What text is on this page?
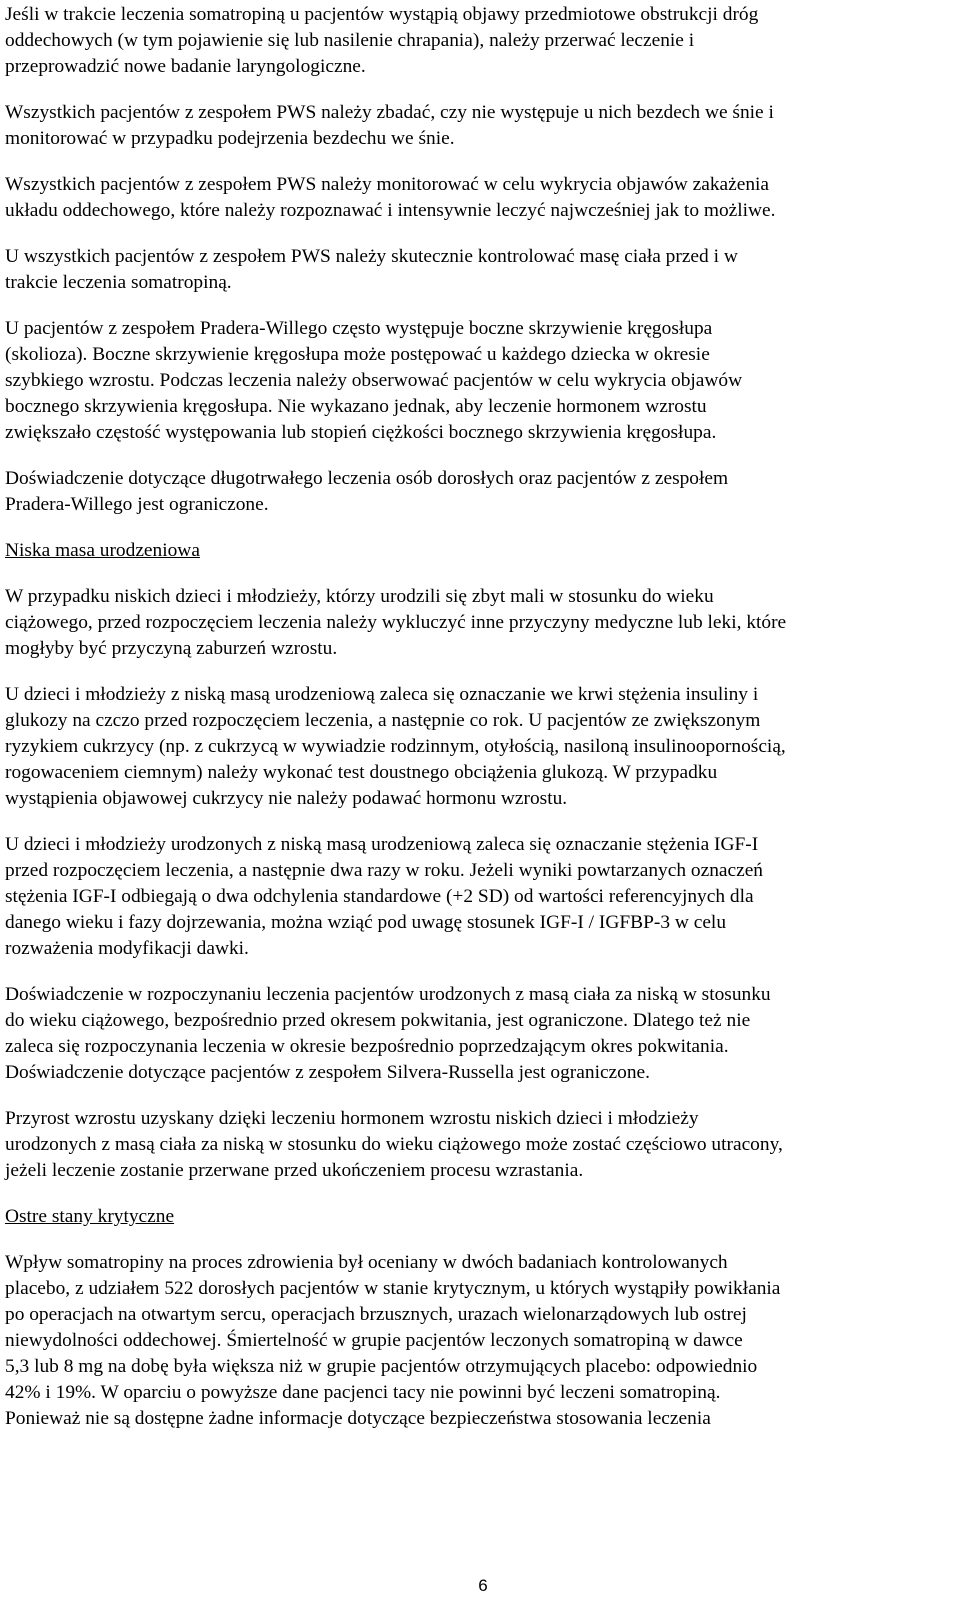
Jeśli w trakcie leczenia somatropiną u pacjentów wystąpią objawy przedmiotowe obstrukcji dróg
oddechowych (w tym pojawienie się lub nasilenie chrapania), należy przerwać leczenie i
przeprowadzić nowe badanie laryngologiczne.

Wszystkich pacjentów z zespołem PWS należy zbadać, czy nie występuje u nich bezdech we śnie i
monitorować w przypadku podejrzenia bezdechu we śnie.

Wszystkich pacjentów z zespołem PWS należy monitorować w celu wykrycia objawów zakażenia
układu oddechowego, które należy rozpoznawać i intensywnie leczyć najwcześniej jak to możliwe.

U wszystkich pacjentów z zespołem PWS należy skutecznie kontrolować masę ciała przed i w
trakcie leczenia somatropiną.

U pacjentów z zespołem Pradera-Willego często występuje boczne skrzywienie kręgosłupa
(skolioza). Boczne skrzywienie kręgosłupa może postępować u każdego dziecka w okresie
szybkiego wzrostu. Podczas leczenia należy obserwować pacjentów w celu wykrycia objawów
bocznego skrzywienia kręgosłupa. Nie wykazano jednak, aby leczenie hormonem wzrostu
zwiększało częstość występowania lub stopień ciężkości bocznego skrzywienia kręgosłupa.

Doświadczenie dotyczące długotrwałego leczenia osób dorosłych oraz pacjentów z zespołem
Pradera-Willego jest ograniczone.

Niska masa urodzeniowa

W przypadku niskich dzieci i młodzieży, którzy urodzili się zbyt mali w stosunku do wieku
ciążowego, przed rozpoczęciem leczenia należy wykluczyć inne przyczyny medyczne lub leki, które
mogłyby być przyczyną zaburzeń wzrostu.

U dzieci i młodzieży z niską masą urodzeniową zaleca się oznaczanie we krwi stężenia insuliny i
glukozy na czczo przed rozpoczęciem leczenia, a następnie co rok. U pacjentów ze zwiększonym
ryzykiem cukrzycy (np. z cukrzycą w wywiadzie rodzinnym, otyłością, nasiloną insulinoopornością,
rogowaceniem ciemnym) należy wykonać test doustnego obciążenia glukozą. W przypadku
wystąpienia objawowej cukrzycy nie należy podawać hormonu wzrostu.

U dzieci i młodzieży urodzonych z niską masą urodzeniową zaleca się oznaczanie stężenia IGF-I
przed rozpoczęciem leczenia, a następnie dwa razy w roku. Jeżeli wyniki powtarzanych oznaczeń
stężenia IGF-I odbiegają o dwa odchylenia standardowe (+2 SD) od wartości referencyjnych dla
danego wieku i fazy dojrzewania, można wziąć pod uwagę stosunek IGF-I / IGFBP-3 w celu
rozważenia modyfikacji dawki.

Doświadczenie w rozpoczynaniu leczenia pacjentów urodzonych z masą ciała za niską w stosunku
do wieku ciążowego, bezpośrednio przed okresem pokwitania, jest ograniczone. Dlatego też nie
zaleca się rozpoczynania leczenia w okresie bezpośrednio poprzedzającym okres pokwitania.
Doświadczenie dotyczące pacjentów z zespołem Silvera-Russella jest ograniczone.

Przyrost wzrostu uzyskany dzięki leczeniu hormonem wzrostu niskich dzieci i młodzieży
urodzonych z masą ciała za niską w stosunku do wieku ciążowego może zostać częściowo utracony,
jeżeli leczenie zostanie przerwane przed ukończeniem procesu wzrastania.

Ostre stany krytyczne

Wpływ somatropiny na proces zdrowienia był oceniany w dwóch badaniach kontrolowanych
placebo, z udziałem 522 dorosłych pacjentów w stanie krytycznym, u których wystąpiły powikłania
po operacjach na otwartym sercu, operacjach brzusznych, urazach wielonarządowych lub ostrej
niewydolności oddechowej. Śmiertelność w grupie pacjentów leczonych somatropiną w dawce
5,3 lub 8 mg na dobę była większa niż w grupie pacjentów otrzymujących placebo: odpowiednio
42% i 19%. W oparciu o powyższe dane pacjenci tacy nie powinni być leczeni somatropiną.
Ponieważ nie są dostępne żadne informacje dotyczące bezpieczeństwa stosowania leczenia

6
